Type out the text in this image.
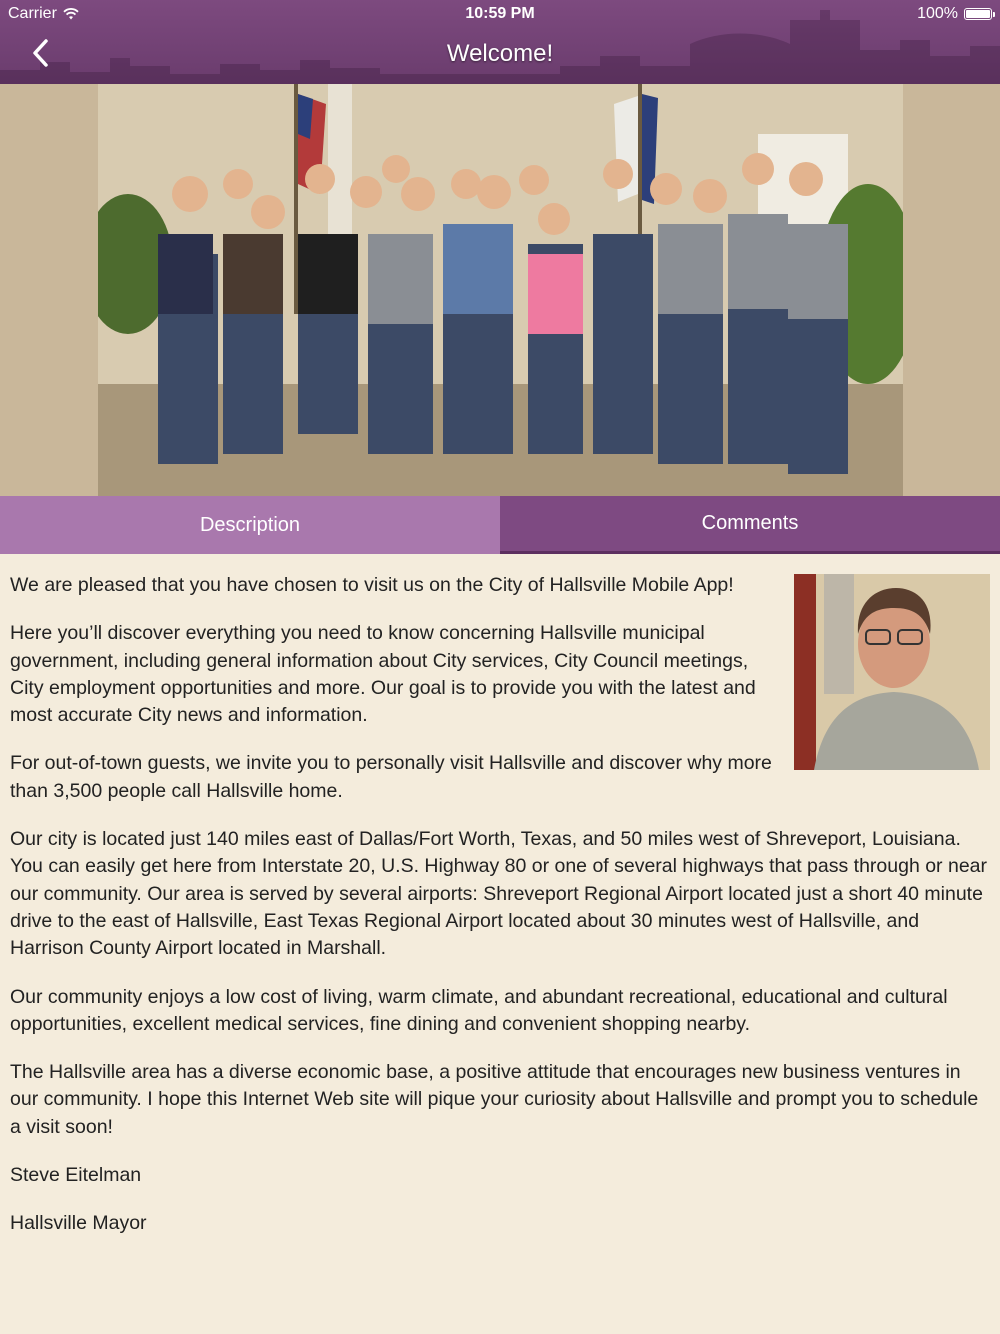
Carrier	10:59 PM	100%
Welcome!
Description	Comments

We are pleased that you have chosen to visit us on the City of Hallsville Mobile App!

Here you’ll discover everything you need to know concerning Hallsville municipal government, including general information about City services, City Council meetings, City employment opportunities and more. Our goal is to provide you with the latest and most accurate City news and information.

For out-of-town guests, we invite you to personally visit Hallsville and discover why more than 3,500 people call Hallsville home.

Our city is located just 140 miles east of Dallas/Fort Worth, Texas, and 50 miles west of Shreveport, Louisiana. You can easily get here from Interstate 20, U.S. Highway 80 or one of several highways that pass through or near our community. Our area is served by several airports: Shreveport Regional Airport located just a short 40 minute drive to the east of Hallsville, East Texas Regional Airport located about 30 minutes west of Hallsville, and Harrison County Airport located in Marshall.

Our community enjoys a low cost of living, warm climate, and abundant recreational, educational and cultural opportunities, excellent medical services, fine dining and convenient shopping nearby.

The Hallsville area has a diverse economic base, a positive attitude that encourages new business ventures in our community. I hope this Internet Web site will pique your curiosity about Hallsville and prompt you to schedule a visit soon!

Steve Eitelman

Hallsville Mayor
